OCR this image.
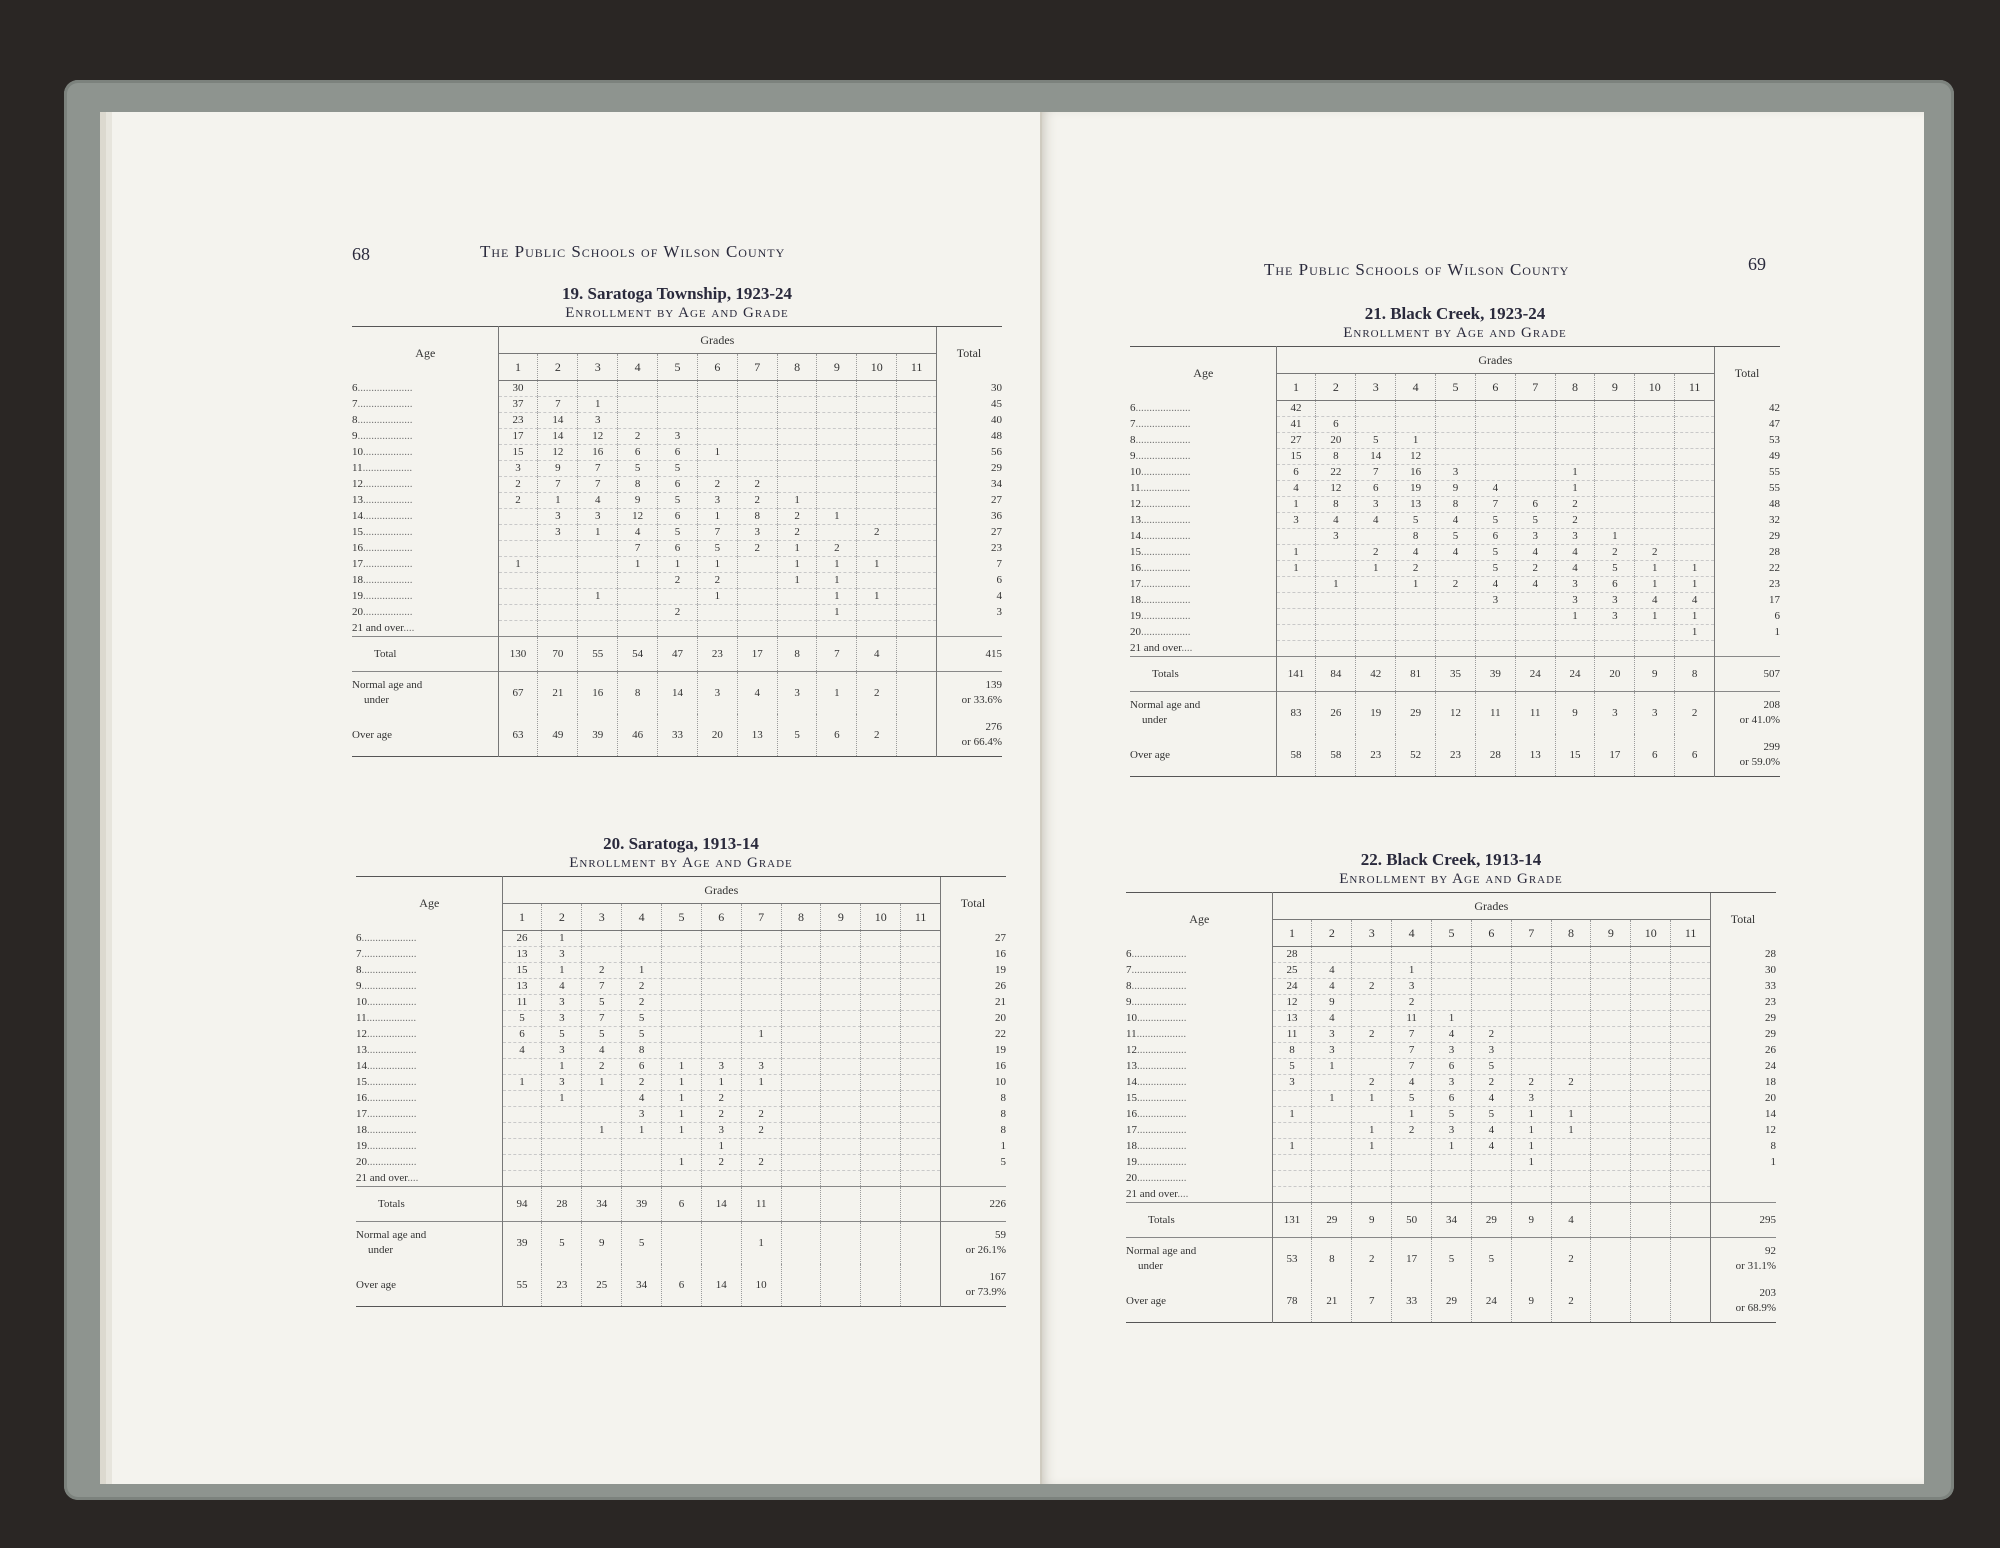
68	The Public Schools of Wilson County
19. Saratoga Township, 1923-24
Enrollment by Age and Grade
Age	Grades											Total
	1	2	3	4	5	6	7	8	9	10	11	
6....................	30											30
7....................	37	7	1									45
8....................	23	14	3									40
9....................	17	14	12	2	3							48
10..................	15	12	16	6	6	1						56
11..................	3	9	7	5	5							29
12..................	2	7	7	8	6	2	2					34
13..................	2	1	4	9	5	3	2	1				27
14..................		3	3	12	6	1	8	2	1			36
15..................		3	1	4	5	7	3	2		2		27
16..................				7	6	5	2	1	2			23
17..................	1			1	1	1		1	1	1		7
18..................					2	2		1	1			6
19..................			1			1			1	1		4
20..................					2				1			3
21 and over....												
Total	130	70	55	54	47	23	17	8	7	4		415

Normal age and
under	67	21	16	8	14	3	4	3	1	2		139
or 33.6%

Over age	63	49	39	46	33	20	13	5	6	2		276
or 66.4%

20. Saratoga, 1913-14
Enrollment by Age and Grade
Age	Grades											Total
	1	2	3	4	5	6	7	8	9	10	11	
6....................	26	1										27
7....................	13	3										16
8....................	15	1	2	1								19
9....................	13	4	7	2								26
10..................	11	3	5	2								21
11..................	5	3	7	5								20
12..................	6	5	5	5			1					22
13..................	4	3	4	8								19
14..................		1	2	6	1	3	3					16
15..................	1	3	1	2	1	1	1					10
16..................		1		4	1	2						8
17..................				3	1	2	2					8
18..................			1	1	1	3	2					8
19..................						1						1
20..................					1	2	2					5
21 and over....												
Totals	94	28	34	39	6	14	11					226

Normal age and
under	39	5	9	5			1					59
or 26.1%

Over age	55	23	25	34	6	14	10					167
or 73.9%

The Public Schools of Wilson County	69
21. Black Creek, 1923-24
Enrollment by Age and Grade
Age	Grades											Total
	1	2	3	4	5	6	7	8	9	10	11	
6....................	42											42
7....................	41	6										47
8....................	27	20	5	1								53
9....................	15	8	14	12								49
10..................	6	22	7	16	3			1				55
11..................	4	12	6	19	9	4		1				55
12..................	1	8	3	13	8	7	6	2				48
13..................	3	4	4	5	4	5	5	2				32
14..................		3		8	5	6	3	3	1			29
15..................	1		2	4	4	5	4	4	2	2		28
16..................	1		1	2		5	2	4	5	1	1	22
17..................		1		1	2	4	4	3	6	1	1	23
18..................						3		3	3	4	4	17
19..................								1	3	1	1	6
20..................											1	1
21 and over....												
Totals	141	84	42	81	35	39	24	24	20	9	8	507

Normal age and
under	83	26	19	29	12	11	11	9	3	3	2	208
or 41.0%

Over age	58	58	23	52	23	28	13	15	17	6	6	299
or 59.0%

22. Black Creek, 1913-14
Enrollment by Age and Grade
Age	Grades											Total
	1	2	3	4	5	6	7	8	9	10	11	
6....................	28											28
7....................	25	4		1								30
8....................	24	4	2	3								33
9....................	12	9		2								23
10..................	13	4		11	1							29
11..................	11	3	2	7	4	2						29
12..................	8	3		7	3	3						26
13..................	5	1		7	6	5						24
14..................	3		2	4	3	2	2	2				18
15..................		1	1	5	6	4	3					20
16..................	1			1	5	5	1	1				14
17..................			1	2	3	4	1	1				12
18..................	1		1		1	4	1					8
19..................							1					1
20..................												
21 and over....												
Totals	131	29	9	50	34	29	9	4				295

Normal age and
under	53	8	2	17	5	5		2				92
or 31.1%

Over age	78	21	7	33	29	24	9	2				203
or 68.9%
